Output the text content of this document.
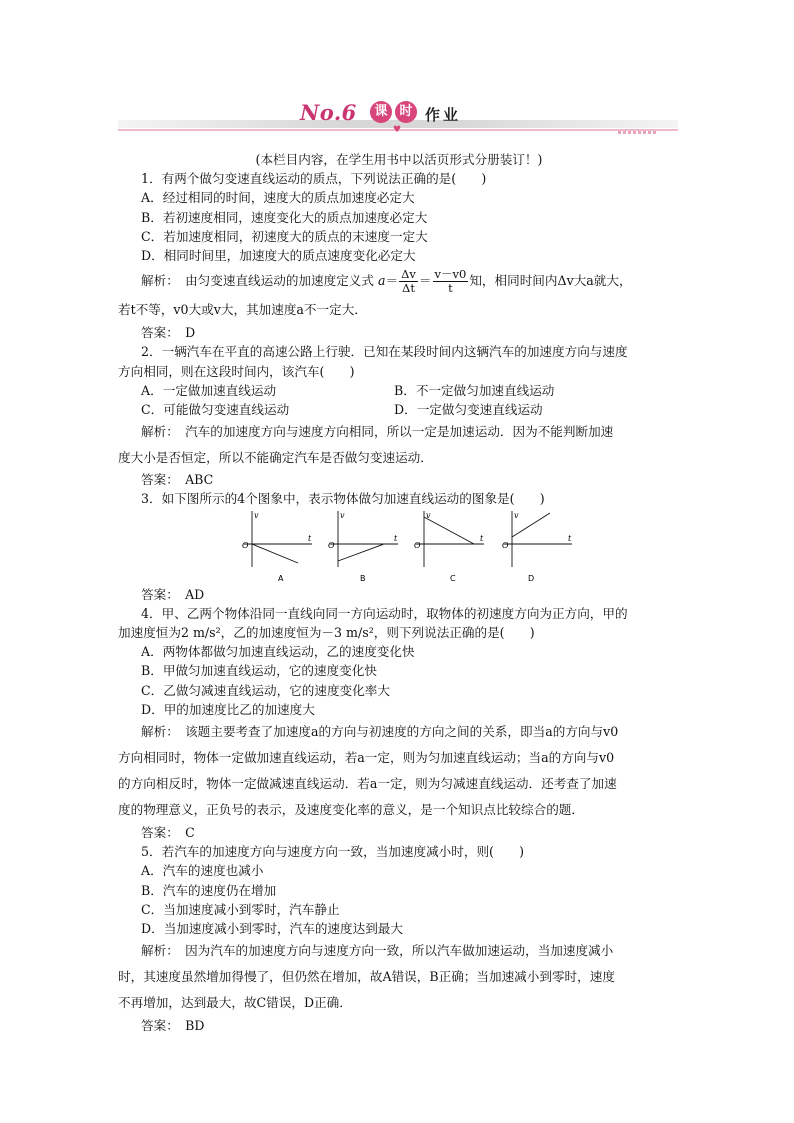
♥
No.6	课 时 作业
(本栏目内容，在学生用书中以活页形式分册装订！)
1．有两个做匀变速直线运动的质点，下列说法正确的是(　　)
A．经过相同的时间，速度大的质点加速度必定大
B．若初速度相同，速度变化大的质点加速度必定大
C．若加速度相同，初速度大的质点的末速度一定大
D．相同时间里，加速度大的质点速度变化必定大
解析：　由匀变速直线运动的加速度定义式 $a= \frac{\Delta v}{\Delta t} = \frac{v-v0}{t}$ 知，相同时间内Δv大a就大，
若t不等，v0大或v大，其加速度a不一定大．
答案：　D
2．一辆汽车在平直的高速公路上行驶．已知在某段时间内这辆汽车的加速度方向与速度
方向相同，则在这段时间内，该汽车(　　)
A．一定做加速直线运动	B．不一定做匀加速直线运动
C．可能做匀变速直线运动	D．一定做匀变速直线运动
解析：　汽车的加速度方向与速度方向相同，所以一定是加速运动．因为不能判断加速
度大小是否恒定，所以不能确定汽车是否做匀变速运动．
答案：　ABC
3．如下图所示的4个图象中，表示物体做匀加速直线运动的图象是(　　)
v
t
O
A
v
t
O
B
v
t
O
C
v
t
O
D
答案：　AD
4．甲、乙两个物体沿同一直线向同一方向运动时，取物体的初速度方向为正方向，甲的
加速度恒为2 m/s²，乙的加速度恒为－3 m/s²，则下列说法正确的是(　　)
A．两物体都做匀加速直线运动，乙的速度变化快
B．甲做匀加速直线运动，它的速度变化快
C．乙做匀减速直线运动，它的速度变化率大
D．甲的加速度比乙的加速度大
解析：　该题主要考查了加速度a的方向与初速度的方向之间的关系，即当a的方向与v0
方向相同时，物体一定做加速直线运动，若a一定，则为匀加速直线运动；当a的方向与v0
的方向相反时，物体一定做减速直线运动．若a一定，则为匀减速直线运动．还考查了加速
度的物理意义，正负号的表示，及速度变化率的意义，是一个知识点比较综合的题．
答案：　C
5．若汽车的加速度方向与速度方向一致，当加速度减小时，则(　　)
A．汽车的速度也减小
B．汽车的速度仍在增加
C．当加速度减小到零时，汽车静止
D．当加速度减小到零时，汽车的速度达到最大
解析：　因为汽车的加速度方向与速度方向一致，所以汽车做加速运动，当加速度减小
时，其速度虽然增加得慢了，但仍然在增加，故A错误，B正确；当加速减小到零时，速度
不再增加，达到最大，故C错误，D正确．
答案：　BD
